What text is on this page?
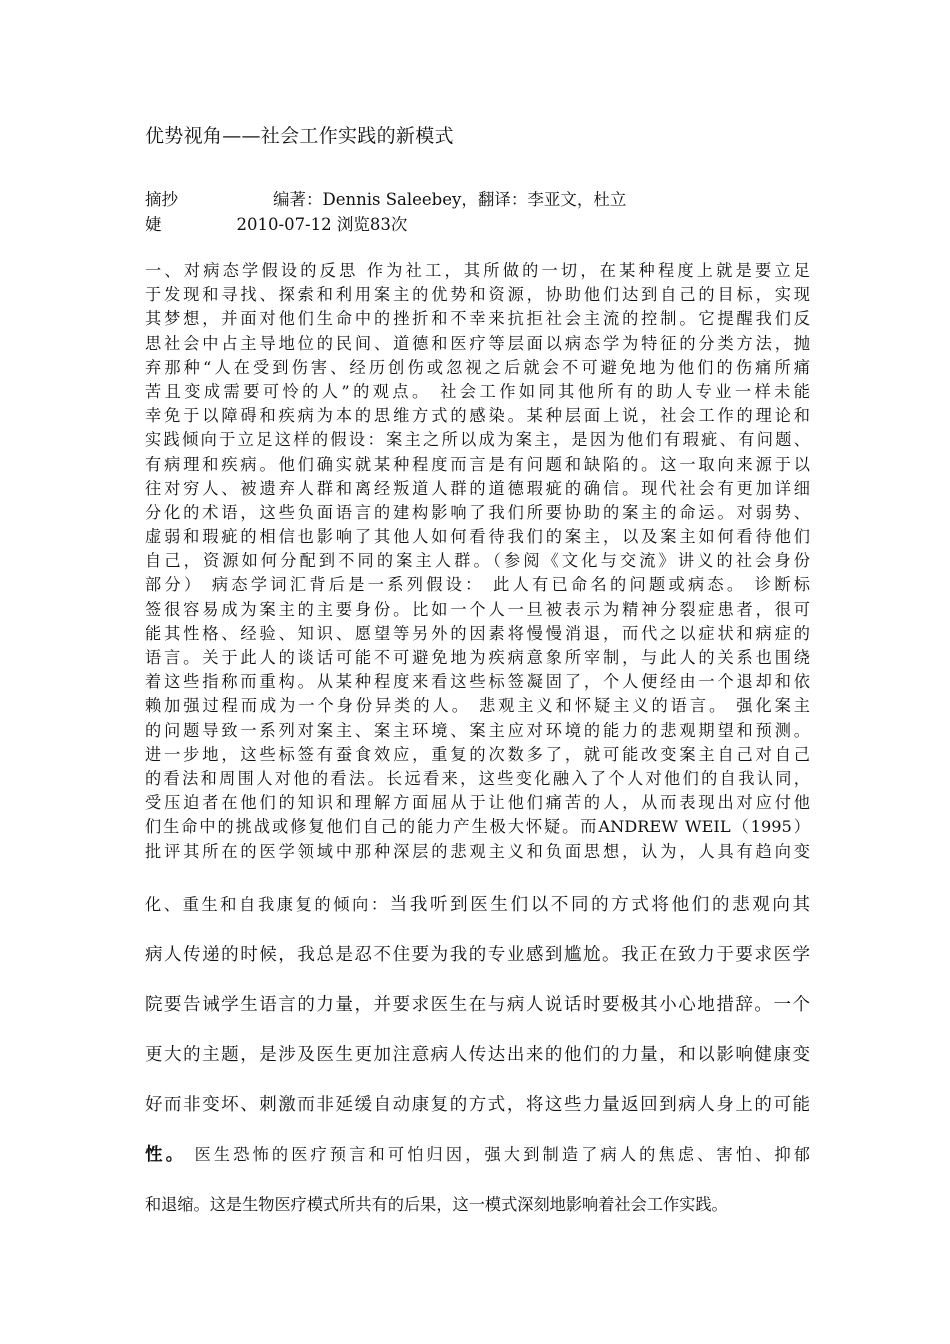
优势视角——社会工作实践的新模式
摘抄	编著：Dennis Saleebey，翻译：李亚文，杜立
婕	2010-07-12 浏览83次
一、对病态学假设的反思 作为社工，其所做的一切，在某种程度上就是要立足
于发现和寻找、探索和利用案主的优势和资源，协助他们达到自己的目标，实现
其梦想，并面对他们生命中的挫折和不幸来抗拒社会主流的控制。它提醒我们反
思社会中占主导地位的民间、道德和医疗等层面以病态学为特征的分类方法，抛
弃那种“人在受到伤害、经历创伤或忽视之后就会不可避免地为他们的伤痛所痛
苦且变成需要可怜的人”的观点。 社会工作如同其他所有的助人专业一样未能
幸免于以障碍和疾病为本的思维方式的感染。某种层面上说，社会工作的理论和
实践倾向于立足这样的假设：案主之所以成为案主，是因为他们有瑕疵、有问题、
有病理和疾病。他们确实就某种程度而言是有问题和缺陷的。这一取向来源于以
往对穷人、被遗弃人群和离经叛道人群的道德瑕疵的确信。现代社会有更加详细
分化的术语，这些负面语言的建构影响了我们所要协助的案主的命运。对弱势、
虚弱和瑕疵的相信也影响了其他人如何看待我们的案主，以及案主如何看待他们
自己，资源如何分配到不同的案主人群。（参阅《文化与交流》讲义的社会身份
部分） 病态学词汇背后是一系列假设： 此人有已命名的问题或病态。 诊断标
签很容易成为案主的主要身份。比如一个人一旦被表示为精神分裂症患者，很可
能其性格、经验、知识、愿望等另外的因素将慢慢消退，而代之以症状和病症的
语言。关于此人的谈话可能不可避免地为疾病意象所宰制，与此人的关系也围绕
着这些指称而重构。从某种程度来看这些标签凝固了，个人便经由一个退却和依
赖加强过程而成为一个身份异类的人。 悲观主义和怀疑主义的语言。 强化案主
的问题导致一系列对案主、案主环境、案主应对环境的能力的悲观期望和预测。
进一步地，这些标签有蚕食效应，重复的次数多了，就可能改变案主自己对自己
的看法和周围人对他的看法。长远看来，这些变化融入了个人对他们的自我认同，
受压迫者在他们的知识和理解方面屈从于让他们痛苦的人，从而表现出对应付他
们生命中的挑战或修复他们自己的能力产生极大怀疑。而ANDREW WEIL（1995）
批评其所在的医学领域中那种深层的悲观主义和负面思想，认为，人具有趋向变
化、重生和自我康复的倾向：当我听到医生们以不同的方式将他们的悲观向其
病人传递的时候，我总是忍不住要为我的专业感到尴尬。我正在致力于要求医学
院要告诫学生语言的力量，并要求医生在与病人说话时要极其小心地措辞。一个
更大的主题，是涉及医生更加注意病人传达出来的他们的力量，和以影响健康变
好而非变坏、刺激而非延缓自动康复的方式，将这些力量返回到病人身上的可能
性。 医生恐怖的医疗预言和可怕归因，强大到制造了病人的焦虑、害怕、抑郁
和退缩。这是生物医疗模式所共有的后果，这一模式深刻地影响着社会工作实践。
